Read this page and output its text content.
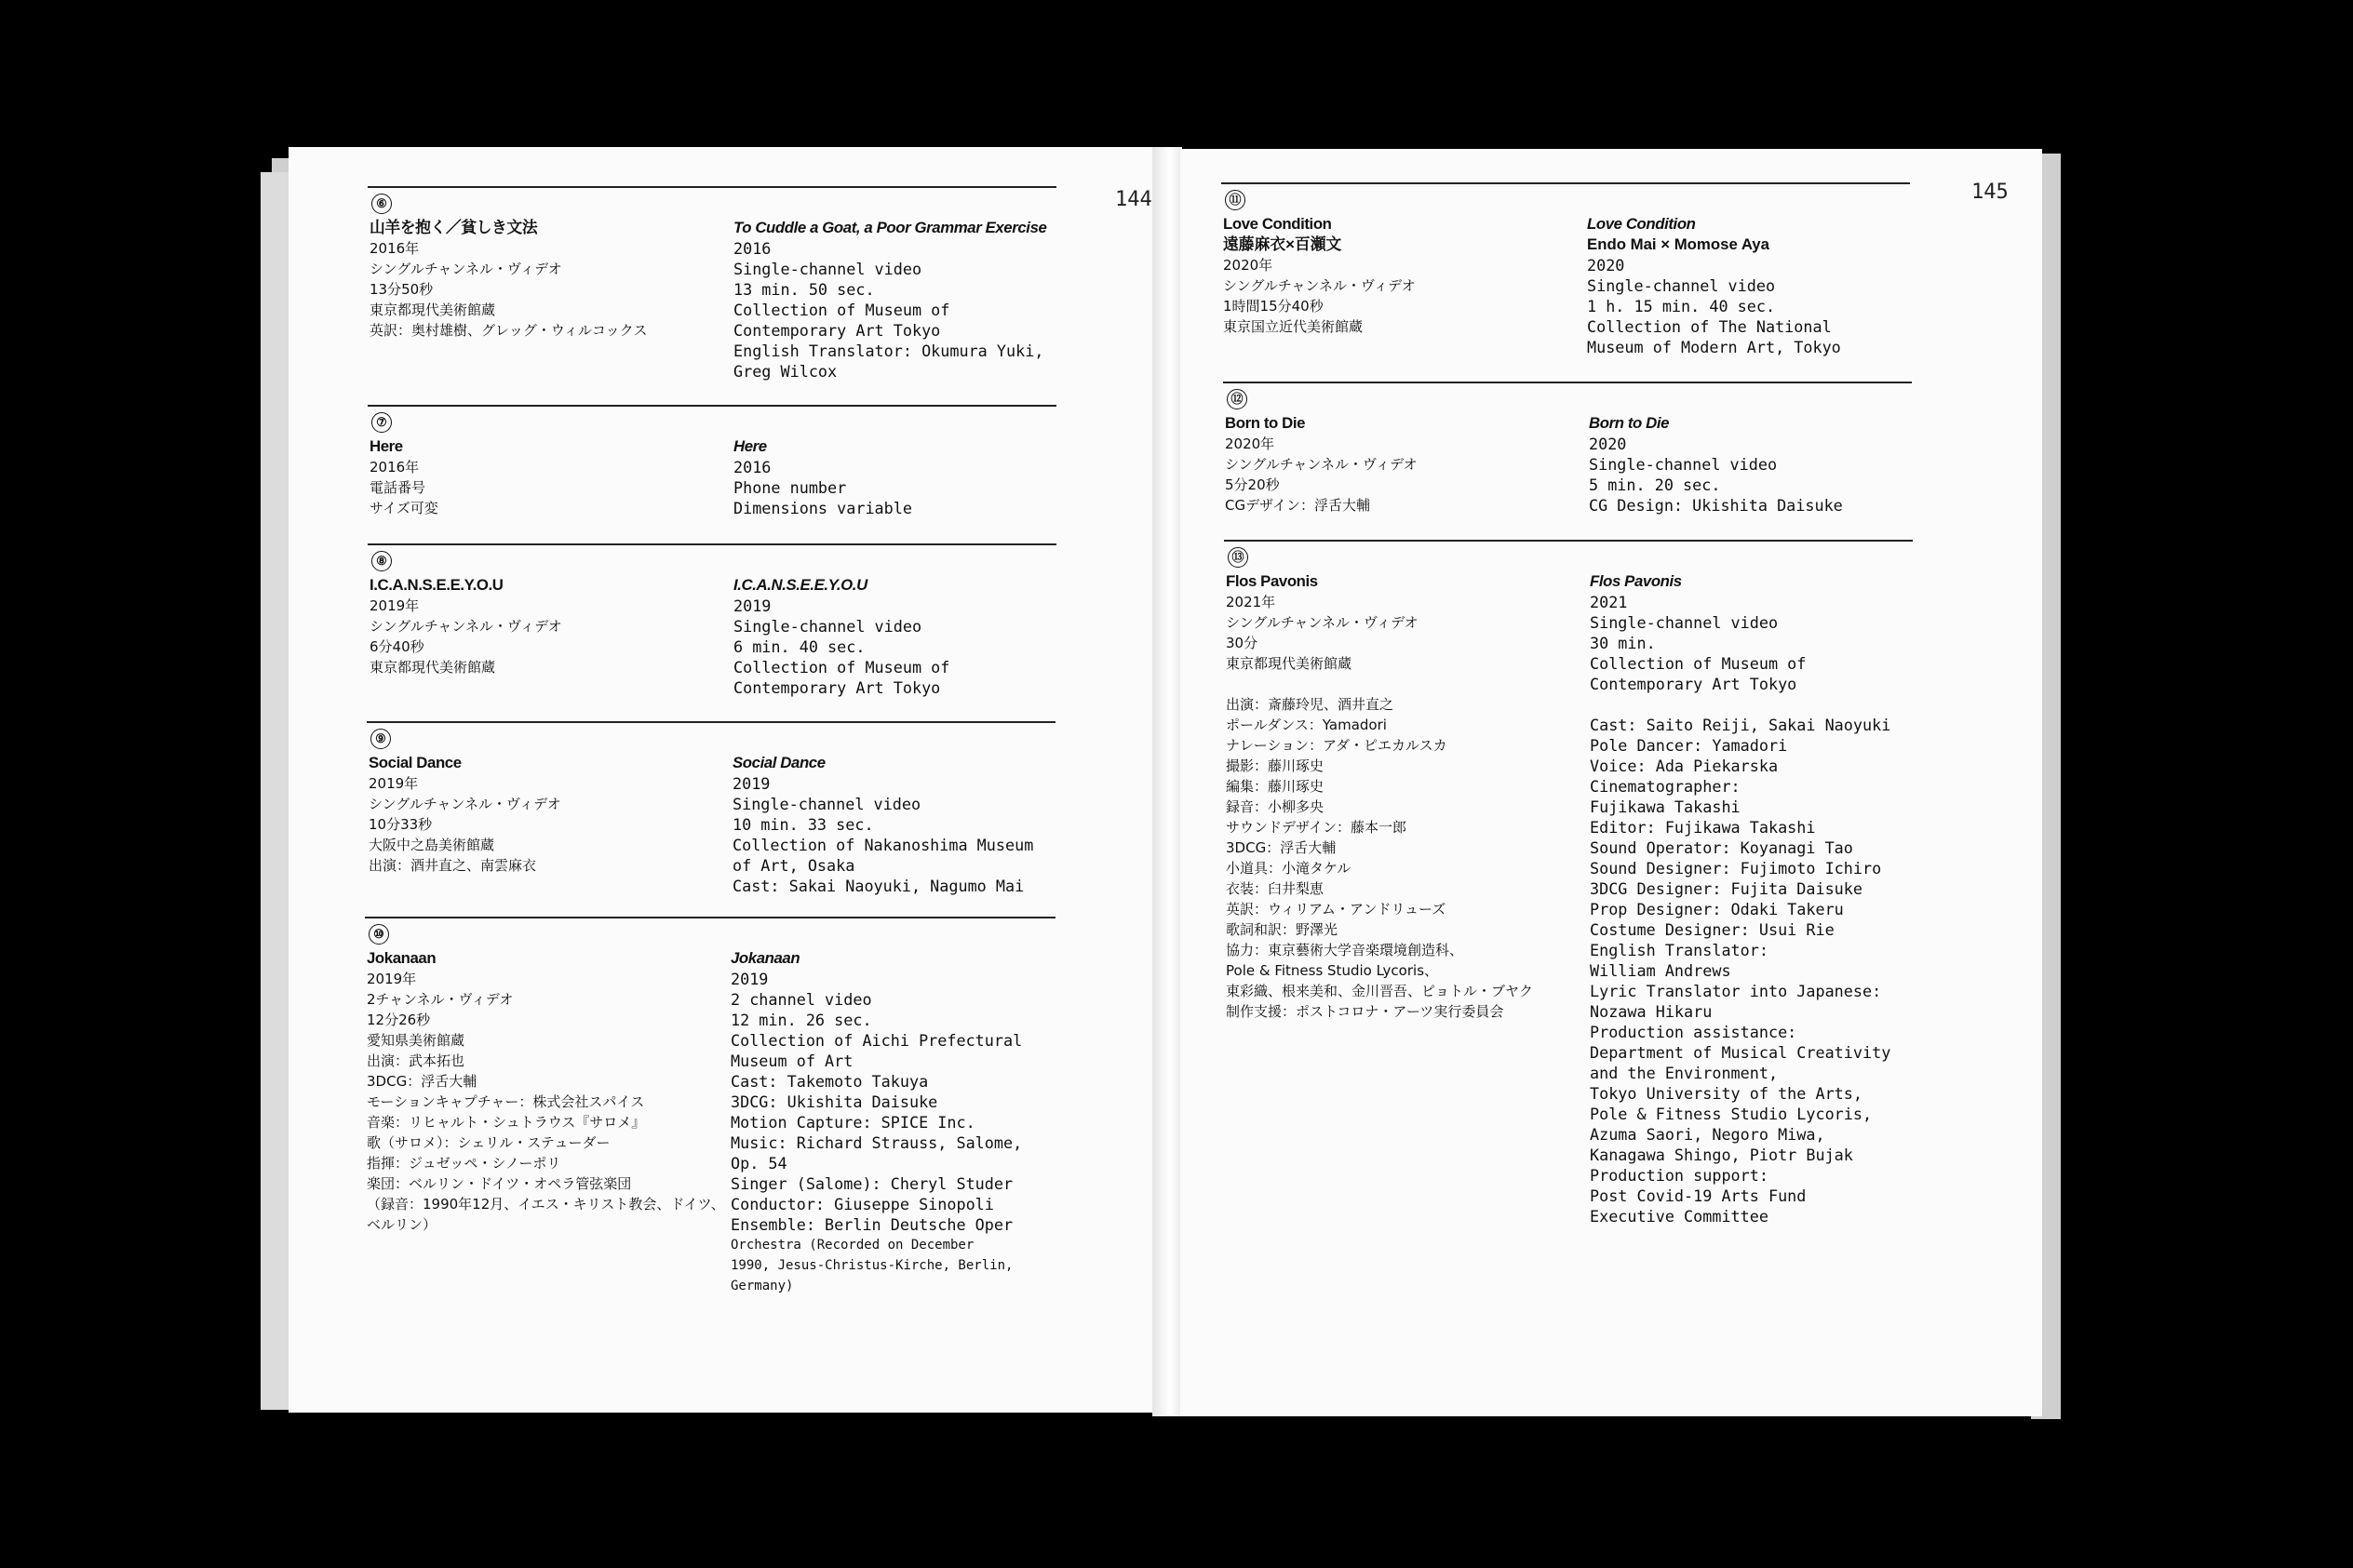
144
⑥
山羊を抱く／貧しき文法
2016年
シングルチャンネル・ヴィデオ
13分50秒
東京都現代美術館蔵
英訳：奥村雄樹、グレッグ・ウィルコックス
To Cuddle a Goat, a Poor Grammar Exercise
2016
Single-channel video
13 min. 50 sec.
Collection of Museum of
Contemporary Art Tokyo
English Translator: Okumura Yuki,
Greg Wilcox
⑦
Here
2016年
電話番号
サイズ可変
Here
2016
Phone number
Dimensions variable
⑧
I.C.A.N.S.E.E.Y.O.U
2019年
シングルチャンネル・ヴィデオ
6分40秒
東京都現代美術館蔵
I.C.A.N.S.E.E.Y.O.U
2019
Single-channel video
6 min. 40 sec.
Collection of Museum of
Contemporary Art Tokyo
⑨
Social Dance
2019年
シングルチャンネル・ヴィデオ
10分33秒
大阪中之島美術館蔵
出演：酒井直之、南雲麻衣
Social Dance
2019
Single-channel video
10 min. 33 sec.
Collection of Nakanoshima Museum
of Art, Osaka
Cast: Sakai Naoyuki, Nagumo Mai
⑩
Jokanaan
2019年
2チャンネル・ヴィデオ
12分26秒
愛知県美術館蔵
出演：武本拓也
3DCG：浮舌大輔
モーションキャプチャー：株式会社スパイス
音楽：リヒャルト・シュトラウス『サロメ』
歌（サロメ）：シェリル・ステューダー
指揮：ジュゼッペ・シノーポリ
楽団：ベルリン・ドイツ・オペラ管弦楽団
（録音：1990年12月、イエス・キリスト教会、ドイツ、
ベルリン）
Jokanaan
2019
2 channel video
12 min. 26 sec.
Collection of Aichi Prefectural
Museum of Art
Cast: Takemoto Takuya
3DCG: Ukishita Daisuke
Motion Capture: SPICE Inc.
Music: Richard Strauss, Salome,
Op. 54
Singer (Salome): Cheryl Studer
Conductor: Giuseppe Sinopoli
Ensemble: Berlin Deutsche Oper
Orchestra (Recorded on December
1990, Jesus-Christus-Kirche, Berlin,
Germany)
145
⑪
Love Condition
遠藤麻衣×百瀬文
2020年
シングルチャンネル・ヴィデオ
1時間15分40秒
東京国立近代美術館蔵
Love Condition
Endo Mai × Momose Aya
2020
Single-channel video
1 h. 15 min. 40 sec.
Collection of The National
Museum of Modern Art, Tokyo
⑫
Born to Die
2020年
シングルチャンネル・ヴィデオ
5分20秒
CGデザイン：浮舌大輔
Born to Die
2020
Single-channel video
5 min. 20 sec.
CG Design: Ukishita Daisuke
⑬
Flos Pavonis
2021年
シングルチャンネル・ヴィデオ
30分
東京都現代美術館蔵

出演：斎藤玲児、酒井直之
ポールダンス：Yamadori
ナレーション：アダ・ピエカルスカ
撮影：藤川琢史
編集：藤川琢史
録音：小柳多央
サウンドデザイン：藤本一郎
3DCG：浮舌大輔
小道具：小滝タケル
衣装：臼井梨恵
英訳：ウィリアム・アンドリューズ
歌詞和訳：野澤光
協力：東京藝術大学音楽環境創造科、
Pole & Fitness Studio Lycoris、
東彩織、根来美和、金川晋吾、ピョトル・ブヤク
制作支援：ポストコロナ・アーツ実行委員会
Flos Pavonis
2021
Single-channel video
30 min.
Collection of Museum of
Contemporary Art Tokyo

Cast: Saito Reiji, Sakai Naoyuki
Pole Dancer: Yamadori
Voice: Ada Piekarska
Cinematographer:
Fujikawa Takashi
Editor: Fujikawa Takashi
Sound Operator: Koyanagi Tao
Sound Designer: Fujimoto Ichiro
3DCG Designer: Fujita Daisuke
Prop Designer: Odaki Takeru
Costume Designer: Usui Rie
English Translator:
William Andrews
Lyric Translator into Japanese:
Nozawa Hikaru
Production assistance:
Department of Musical Creativity
and the Environment,
Tokyo University of the Arts,
Pole & Fitness Studio Lycoris,
Azuma Saori, Negoro Miwa,
Kanagawa Shingo, Piotr Bujak
Production support:
Post Covid-19 Arts Fund
Executive Committee
